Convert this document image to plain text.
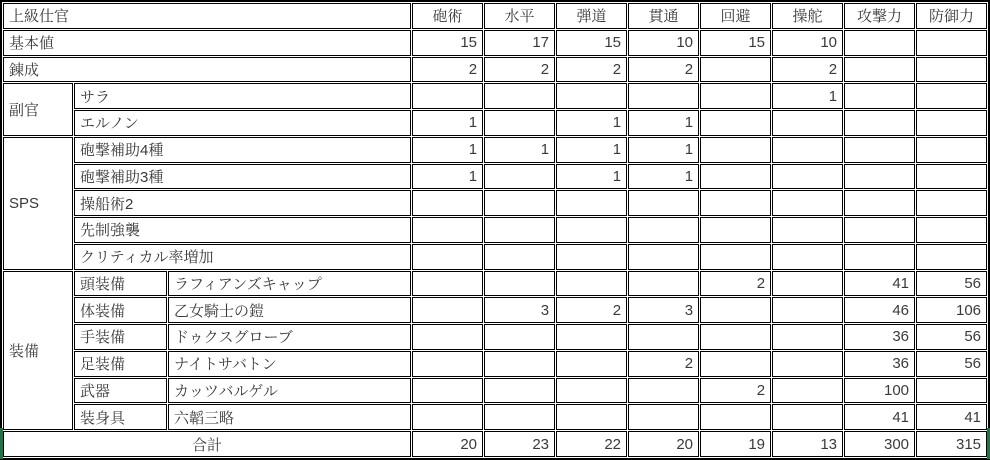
上級仕官			砲術	水平	弾道	貫通	回避	操舵	攻撃力	防御力
基本値			15	17	15	10	15	10		
錬成			2	2	2	2		2		
副官	サラ							1		
	エルノン		1		1	1				
SPS	砲撃補助4種		1	1	1	1				
	砲撃補助3種		1		1	1				
	操船術2									
	先制強襲									
	クリティカル率増加									
装備	頭装備	ラフィアンズキャップ					2		41	56
	体装備	乙女騎士の鎧		3	2	3			46	106
	手装備	ドゥクスグローブ							36	56
	足装備	ナイトサバトン				2			36	56
	武器	カッツバルゲル					2		100	
	装身具	六韜三略							41	41
合計			20	23	22	20	19	13	300	315
